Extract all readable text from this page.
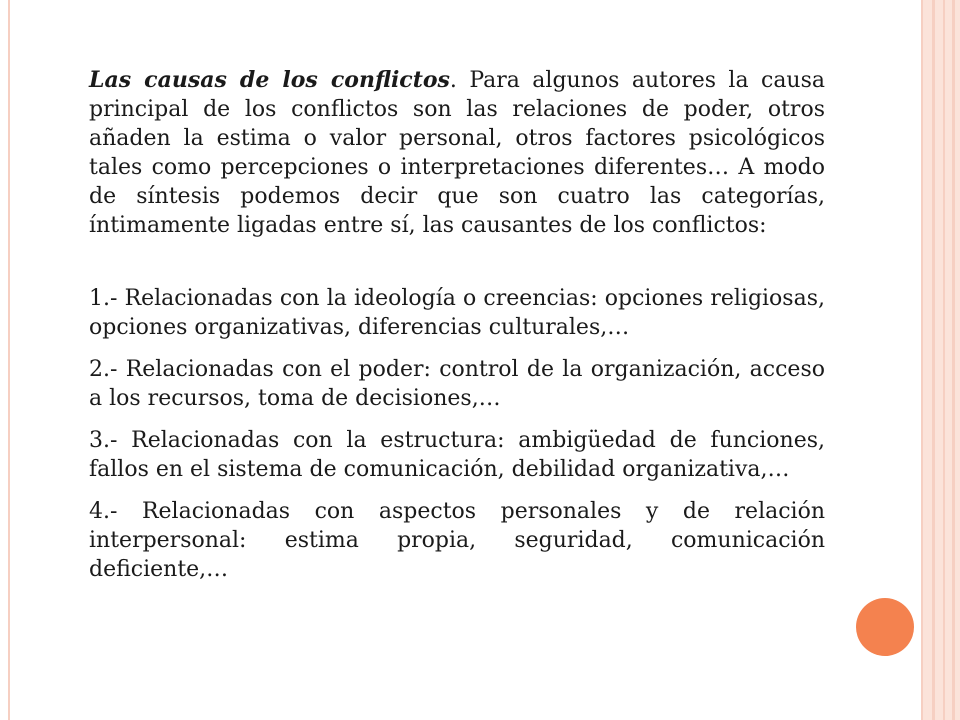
Las causas de los conflictos. Para algunos autores la causa principal de los conflictos son las relaciones de poder, otros añaden la estima o valor personal, otros factores psicológicos tales como percepciones o interpretaciones diferentes… A modo de síntesis podemos decir que son cuatro las categorías, íntimamente ligadas entre sí, las causantes de los conflictos:

1.- Relacionadas con la ideología o creencias: opciones religiosas, opciones organizativas, diferencias culturales,…

2.- Relacionadas con el poder: control de la organización, acceso a los recursos, toma de decisiones,…

3.- Relacionadas con la estructura: ambigüedad de funciones, fallos en el sistema de comunicación, debilidad organizativa,…

4.- Relacionadas con aspectos personales y de relación interpersonal: estima propia, seguridad, comunicación deficiente,…
